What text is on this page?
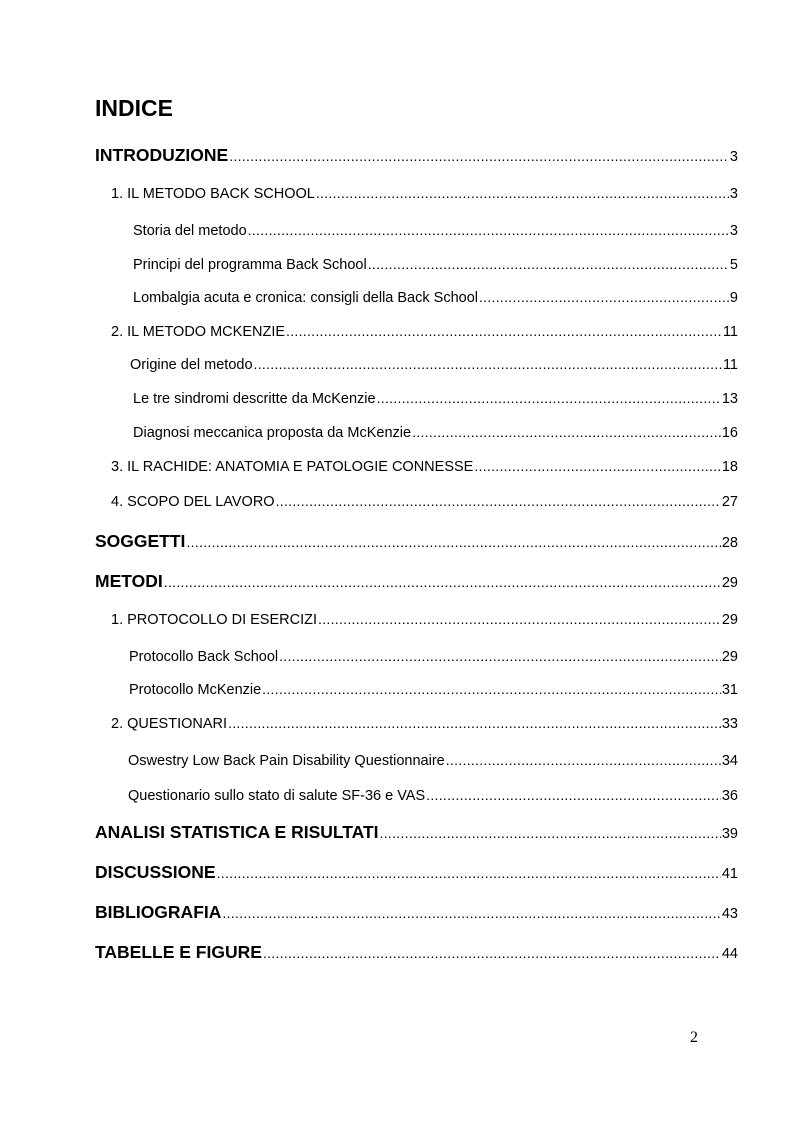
INDICE
INTRODUZIONE .....	3
1. IL METODO BACK SCHOOL .....	3
Storia del metodo .....	3
Principi del programma Back School .....	5
Lombalgia acuta e cronica: consigli della Back School .....	9
2. IL METODO MCKENZIE .....	11
Origine del metodo .....	11
Le tre sindromi descritte da McKenzie .....	13
Diagnosi meccanica proposta da McKenzie .....	16
3. IL RACHIDE: ANATOMIA E PATOLOGIE CONNESSE .....	18
4. SCOPO DEL LAVORO .....	27
SOGGETTI .....	28
METODI .....	29
1. PROTOCOLLO DI ESERCIZI .....	29
Protocollo Back School .....	29
Protocollo McKenzie .....	31
2. QUESTIONARI .....	33
Oswestry Low Back Pain Disability Questionnaire .....	34
Questionario sullo stato di salute SF-36 e VAS .....	36
ANALISI STATISTICA E RISULTATI .....	39
DISCUSSIONE .....	41
BIBLIOGRAFIA .....	43
TABELLE E FIGURE .....	44
2
